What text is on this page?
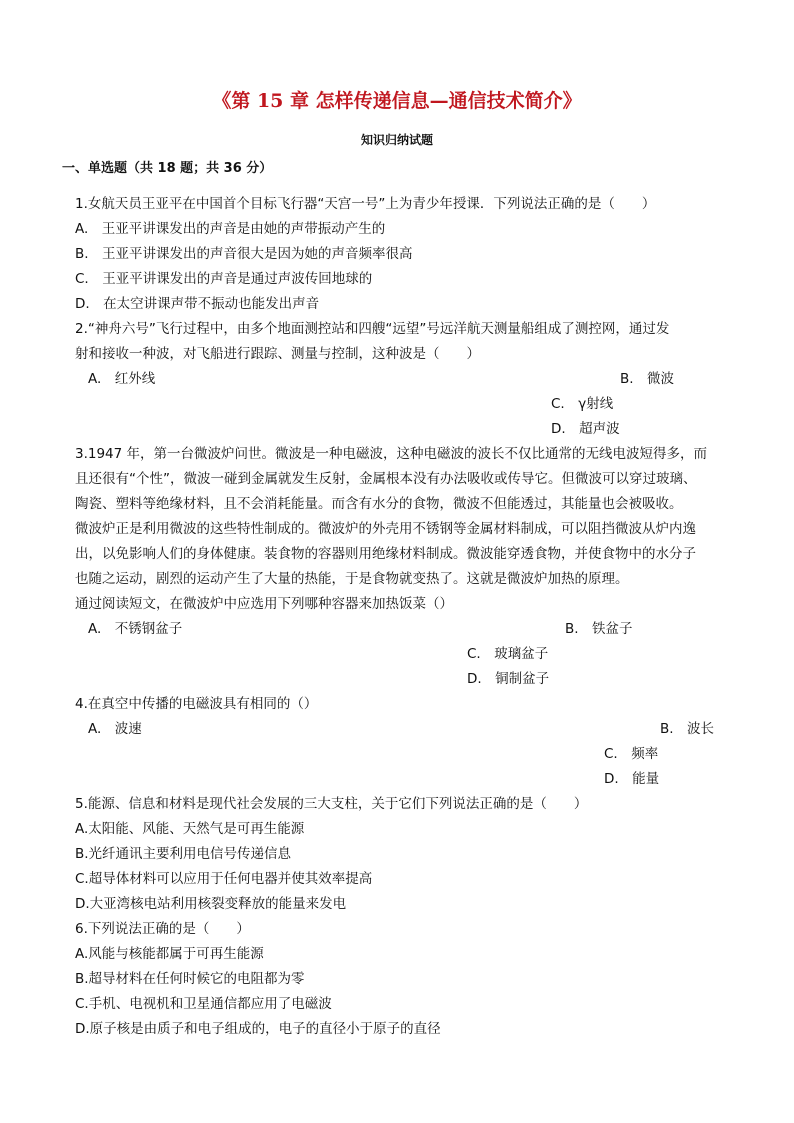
《第 15 章 怎样传递信息—通信技术简介》
知识归纳试题
一、单选题（共 18 题；共 36 分）
1.女航天员王亚平在中国首个目标飞行器“天宫一号”上为青少年授课．下列说法正确的是（　　）
A.　王亚平讲课发出的声音是由她的声带振动产生的
B.　王亚平讲课发出的声音很大是因为她的声音频率很高
C.　王亚平讲课发出的声音是通过声波传回地球的
D.　在太空讲课声带不振动也能发出声音
2.“神舟六号”飞行过程中，由多个地面测控站和四艘“远望”号远洋航天测量船组成了测控网，通过发
射和接收一种波，对飞船进行跟踪、测量与控制，这种波是（　　）
A.　红外线	B.　微波
C.　γ射线
D.　超声波
3.1947 年，第一台微波炉问世。微波是一种电磁波，这种电磁波的波长不仅比通常的无线电波短得多，而
且还很有“个性”，微波一碰到金属就发生反射，金属根本没有办法吸收或传导它。但微波可以穿过玻璃、
陶瓷、塑料等绝缘材料，且不会消耗能量。而含有水分的食物，微波不但能透过，其能量也会被吸收。
微波炉正是利用微波的这些特性制成的。微波炉的外壳用不锈钢等金属材料制成，可以阻挡微波从炉内逸
出，以免影响人们的身体健康。装食物的容器则用绝缘材料制成。微波能穿透食物，并使食物中的水分子
也随之运动，剧烈的运动产生了大量的热能，于是食物就变热了。这就是微波炉加热的原理。
通过阅读短文，在微波炉中应选用下列哪种容器来加热饭菜（）
A.　不锈钢盆子	B.　铁盆子
C.　玻璃盆子
D.　铜制盆子
4.在真空中传播的电磁波具有相同的（）
A.　波速	B.　波长
C.　频率
D.　能量
5.能源、信息和材料是现代社会发展的三大支柱，关于它们下列说法正确的是（　　）
A.太阳能、风能、天然气是可再生能源
B.光纤通讯主要利用电信号传递信息
C.超导体材料可以应用于任何电器并使其效率提高
D.大亚湾核电站利用核裂变释放的能量来发电
6.下列说法正确的是（　　）
A.风能与核能都属于可再生能源
B.超导材料在任何时候它的电阻都为零
C.手机、电视机和卫星通信都应用了电磁波
D.原子核是由质子和电子组成的，电子的直径小于原子的直径
